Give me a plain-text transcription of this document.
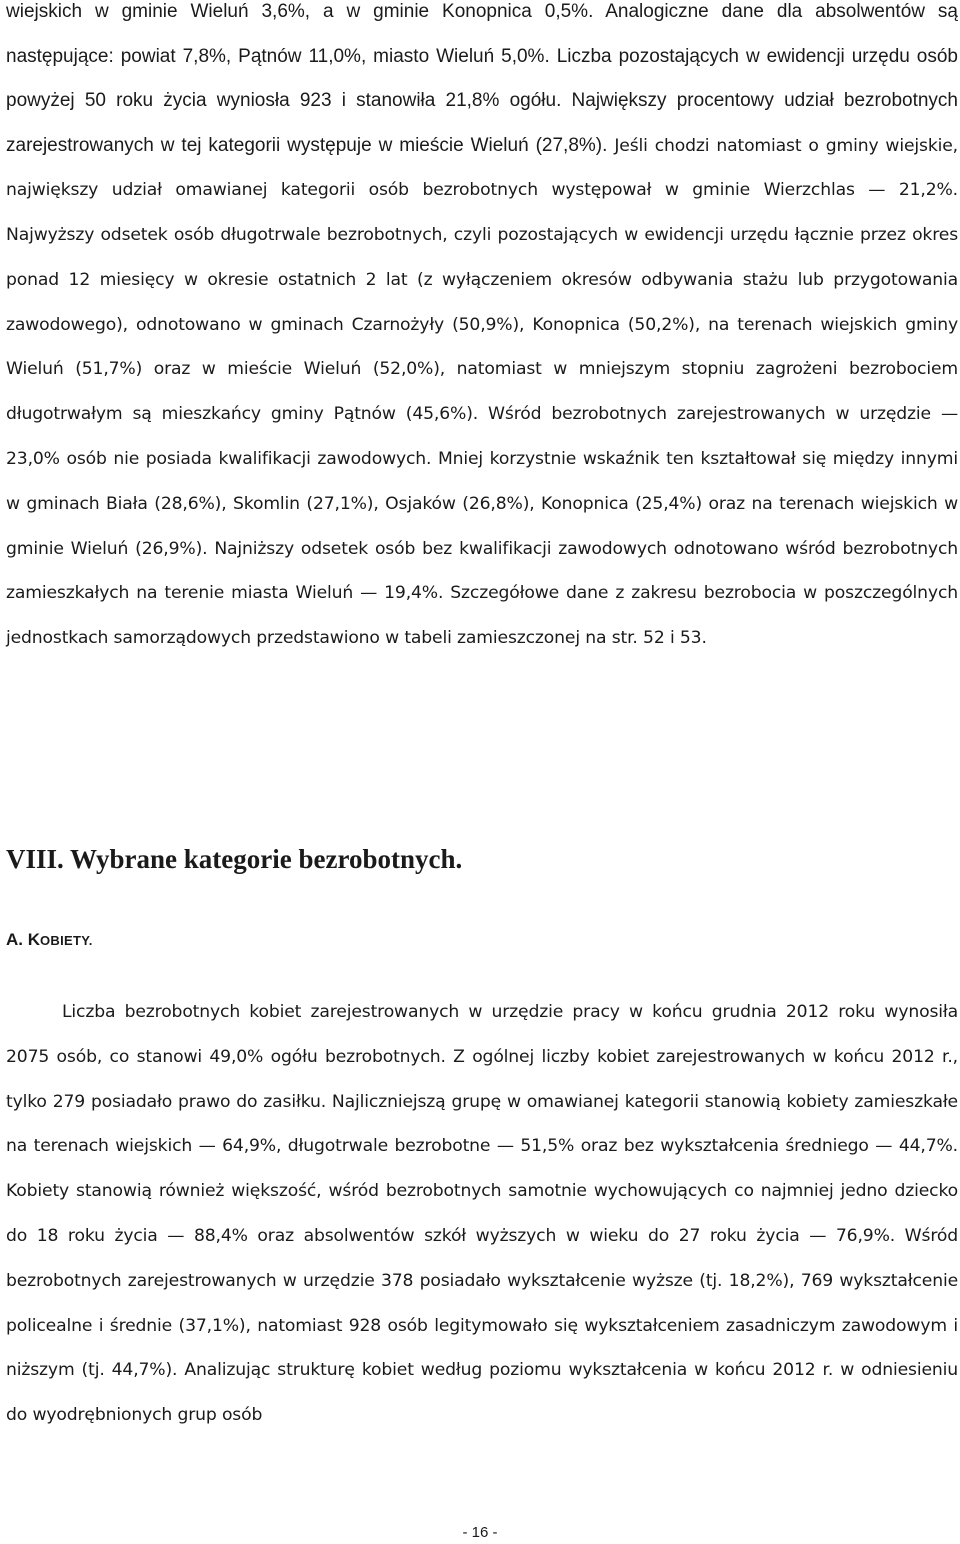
wiejskich w gminie Wieluń 3,6%, a w gminie Konopnica 0,5%. Analogiczne dane dla absolwentów są następujące: powiat 7,8%, Pątnów 11,0%, miasto Wieluń 5,0%. Liczba pozostających w ewidencji urzędu osób powyżej 50 roku życia wyniosła 923 i stanowiła 21,8% ogółu. Największy procentowy udział bezrobotnych zarejestrowanych w tej kategorii występuje w mieście Wieluń (27,8%). Jeśli chodzi natomiast o gminy wiejskie, największy udział omawianej kategorii osób bezrobotnych występował w gminie Wierzchlas — 21,2%. Najwyższy odsetek osób długotrwale bezrobotnych, czyli pozostających w ewidencji urzędu łącznie przez okres ponad 12 miesięcy w okresie ostatnich 2 lat (z wyłączeniem okresów odbywania stażu lub przygotowania zawodowego), odnotowano w gminach Czarnożyły (50,9%), Konopnica (50,2%), na terenach wiejskich gminy Wieluń (51,7%) oraz w mieście Wieluń (52,0%), natomiast w mniejszym stopniu zagrożeni bezrobociem długotrwałym są mieszkańcy gminy Pątnów (45,6%). Wśród bezrobotnych zarejestrowanych w urzędzie — 23,0% osób nie posiada kwalifikacji zawodowych. Mniej korzystnie wskaźnik ten kształtował się między innymi w gminach Biała (28,6%), Skomlin (27,1%), Osjaków (26,8%), Konopnica (25,4%) oraz na terenach wiejskich w gminie Wieluń (26,9%). Najniższy odsetek osób bez kwalifikacji zawodowych odnotowano wśród bezrobotnych zamieszkałych na terenie miasta Wieluń — 19,4%. Szczegółowe dane z zakresu bezrobocia w poszczególnych jednostkach samorządowych przedstawiono w tabeli zamieszczonej na str. 52 i 53.

VIII. Wybrane kategorie bezrobotnych.
A. KOBIETY.

Liczba bezrobotnych kobiet zarejestrowanych w urzędzie pracy w końcu grudnia 2012 roku wynosiła 2075 osób, co stanowi 49,0% ogółu bezrobotnych. Z ogólnej liczby kobiet zarejestrowanych w końcu 2012 r., tylko 279 posiadało prawo do zasiłku. Najliczniejszą grupę w omawianej kategorii stanowią kobiety zamieszkałe na terenach wiejskich — 64,9%, długotrwale bezrobotne — 51,5% oraz bez wykształcenia średniego — 44,7%. Kobiety stanowią również większość, wśród bezrobotnych samotnie wychowujących co najmniej jedno dziecko do 18 roku życia — 88,4% oraz absolwentów szkół wyższych w wieku do 27 roku życia — 76,9%. Wśród bezrobotnych zarejestrowanych w urzędzie 378 posiadało wykształcenie wyższe (tj. 18,2%), 769 wykształcenie policealne i średnie (37,1%), natomiast 928 osób legitymowało się wykształceniem zasadniczym zawodowym i niższym (tj. 44,7%). Analizując strukturę kobiet według poziomu wykształcenia w końcu 2012 r. w odniesieniu do wyodrębnionych grup osób

- 16 -
